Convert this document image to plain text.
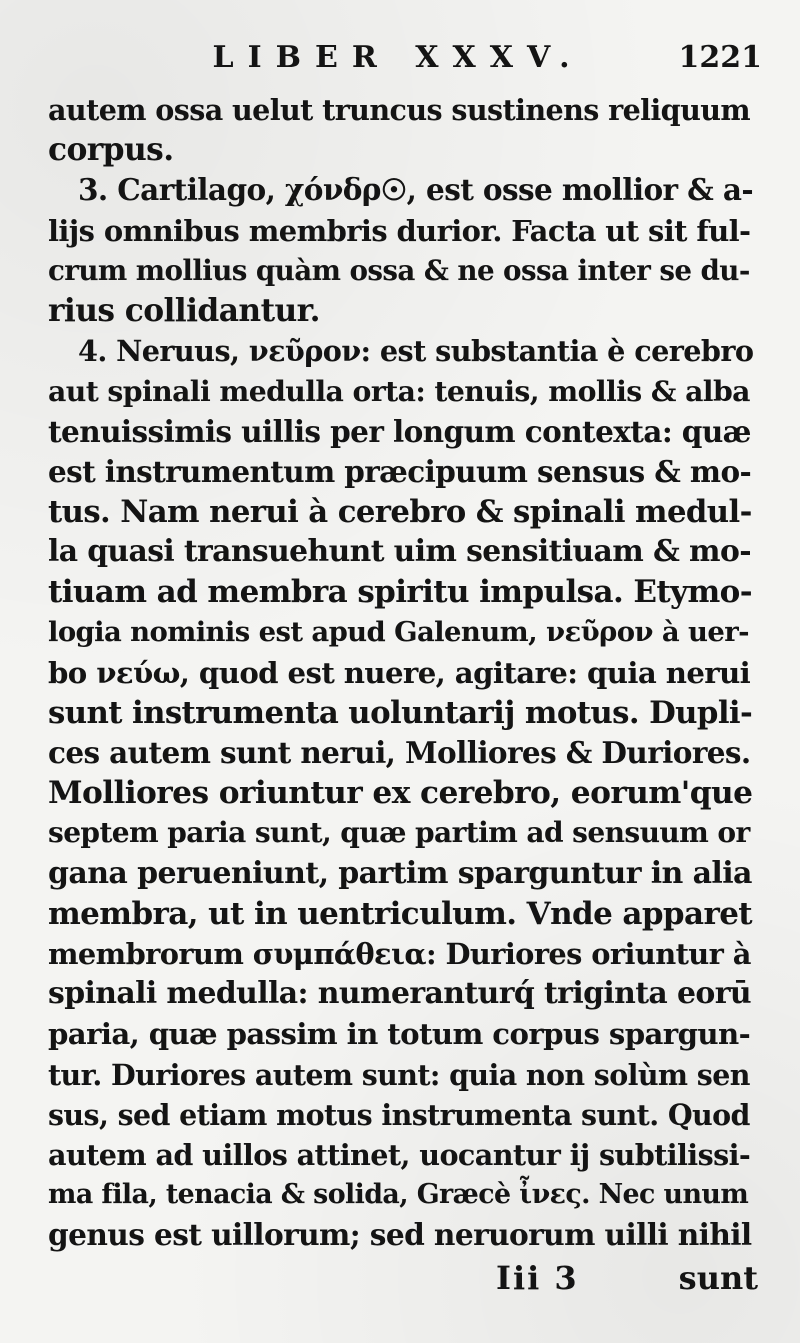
LIBER XXXV.	1221
autem ossa uelut truncus sustinens reliquum
corpus.
3. Cartilago, χόνδρ☉, est osse mollior & a-
lijs omnibus membris durior. Facta ut sit ful-
crum mollius quàm ossa & ne ossa inter se du-
rius collidantur.
4. Neruus, νεῦρον: est substantia è cerebro
aut spinali medulla orta: tenuis, mollis & alba
tenuissimis uillis per longum contexta: quæ
est instrumentum præcipuum sensus & mo-
tus. Nam nerui à cerebro & spinali medul-
la quasi transuehunt uim sensitiuam & mo-
tiuam ad membra spiritu impulsa. Etymo-
logia nominis est apud Galenum, νεῦρον à uer-
bo νεύω, quod est nuere, agitare: quia nerui
sunt instrumenta uoluntarij motus. Dupli-
ces autem sunt nerui, Molliores & Duriores.
Molliores oriuntur ex cerebro, eorum'que
septem paria sunt, quæ partim ad sensuum or
gana perueniunt, partim sparguntur in alia
membra, ut in uentriculum. Vnde apparet
membrorum συμπάθεια: Duriores oriuntur à
spinali medulla: numeranturq́ triginta eorū
paria, quæ passim in totum corpus spargun-
tur. Duriores autem sunt: quia non solùm sen
sus, sed etiam motus instrumenta sunt. Quod
autem ad uillos attinet, uocantur ij subtilissi-
ma fila, tenacia & solida, Græcè ἶνες. Nec unum
genus est uillorum; sed neruorum uilli nihil
Iii 3	sunt
